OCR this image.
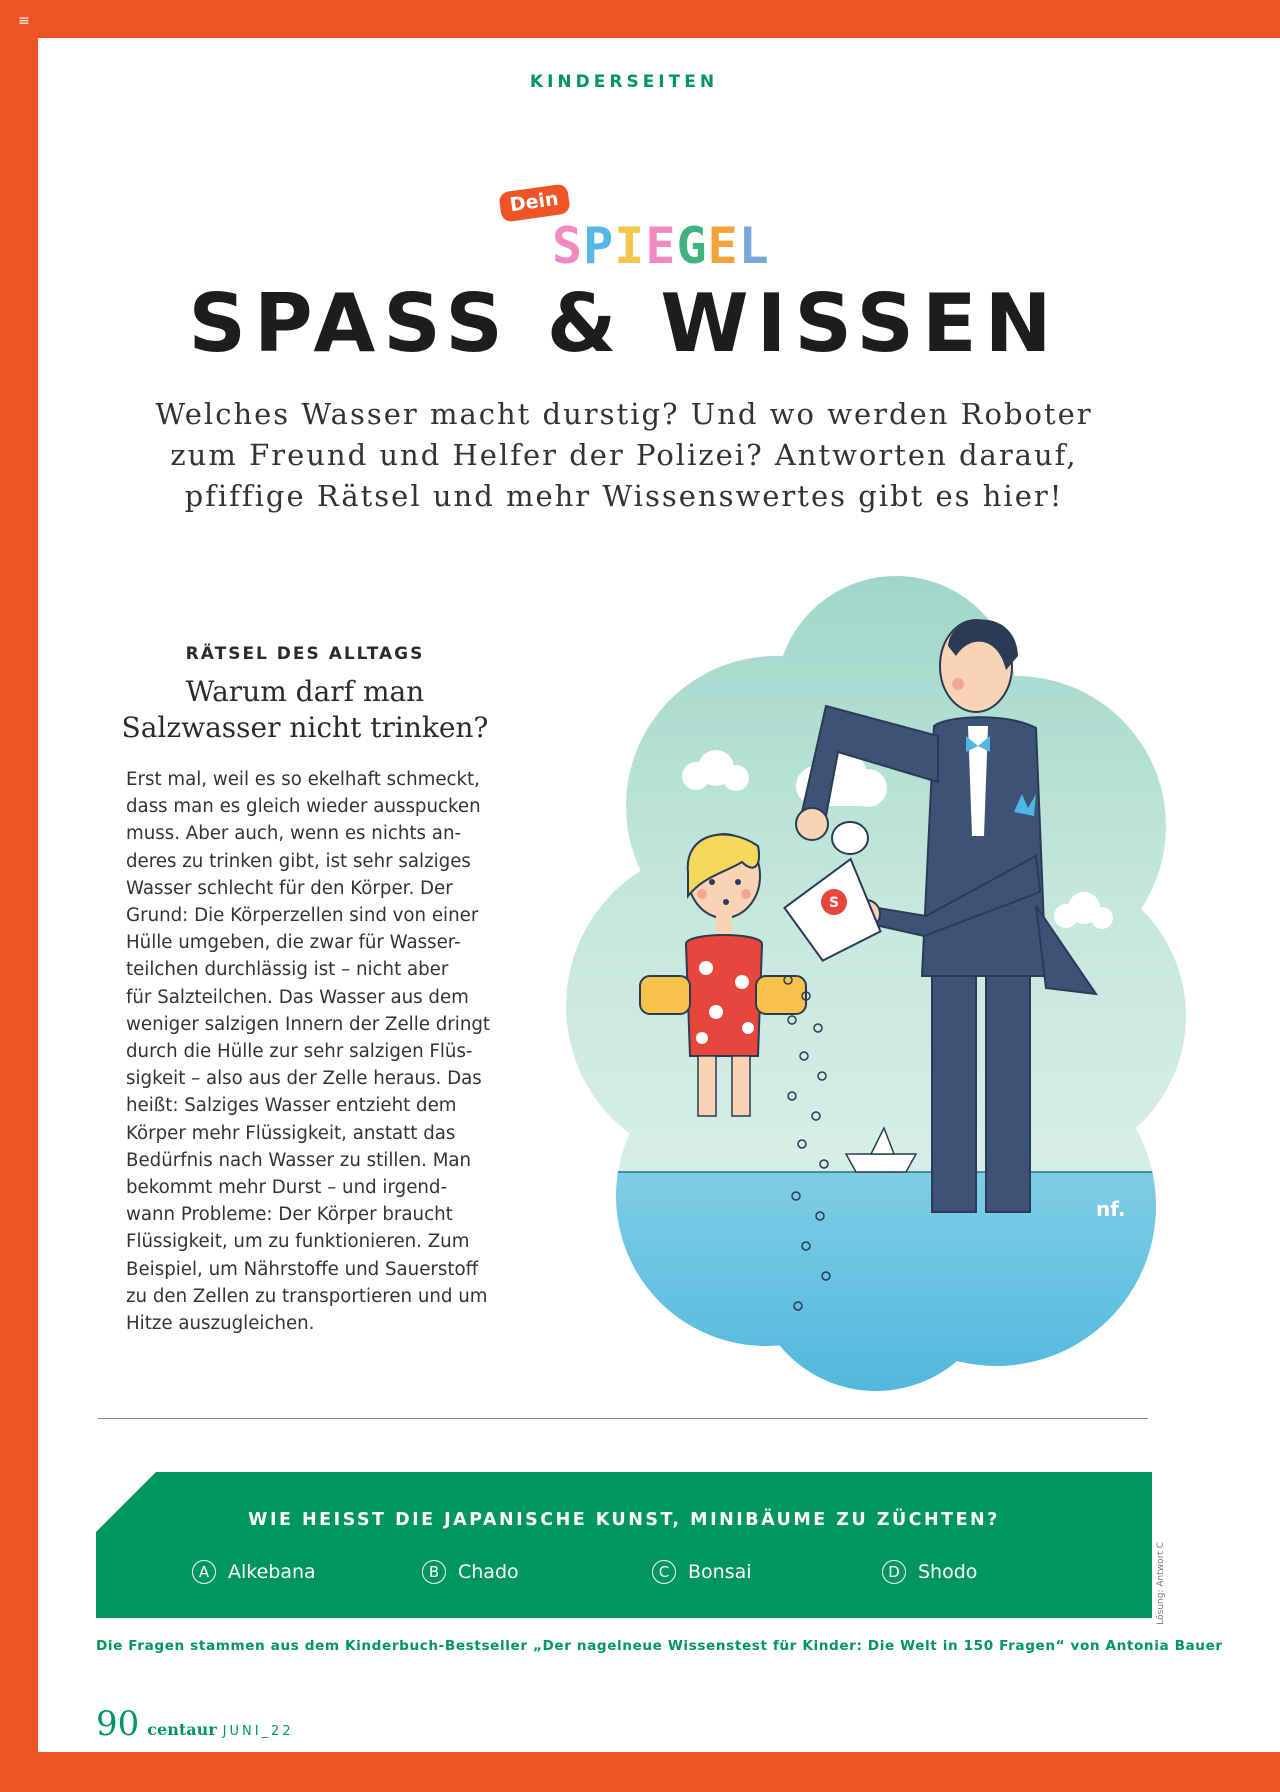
≡
KINDERSEITEN
Dein
SPIEGEL
SPASS & WISSEN
Welches Wasser macht durstig? Und wo werden Roboter
zum Freund und Helfer der Polizei? Antworten darauf,
pfiffige Rätsel und mehr Wissenswertes gibt es hier!
RÄTSEL DES ALLTAGS
Warum darf man
Salzwasser nicht trinken?
Erst mal, weil es so ekelhaft schmeckt,
dass man es gleich wieder ausspucken
muss. Aber auch, wenn es nichts an-
deres zu trinken gibt, ist sehr salziges
Wasser schlecht für den Körper. Der
Grund: Die Körperzellen sind von einer
Hülle umgeben, die zwar für Wasser-
teilchen durchlässig ist – nicht aber
für Salzteilchen. Das Wasser aus dem
weniger salzigen Innern der Zelle dringt
durch die Hülle zur sehr salzigen Flüs-
sigkeit – also aus der Zelle heraus. Das
heißt: Salziges Wasser entzieht dem
Körper mehr Flüssigkeit, anstatt das
Bedürfnis nach Wasser zu stillen. Man
bekommt mehr Durst – und irgend-
wann Probleme: Der Körper braucht
Flüssigkeit, um zu funktionieren. Zum
Beispiel, um Nährstoffe und Sauerstoff
zu den Zellen zu transportieren und um
Hitze auszugleichen.
S
nf.
WIE HEISST DIE JAPANISCHE KUNST, MINIBÄUME ZU ZÜCHTEN?
A Alkebana	B Chado	C Bonsai	D Shodo	Lösung: Antwort C
Die Fragen stammen aus dem Kinderbuch-Bestseller „Der nagelneue Wissenstest für Kinder: Die Welt in 150 Fragen“ von Antonia Bauer
90 centaur JUNI_22
